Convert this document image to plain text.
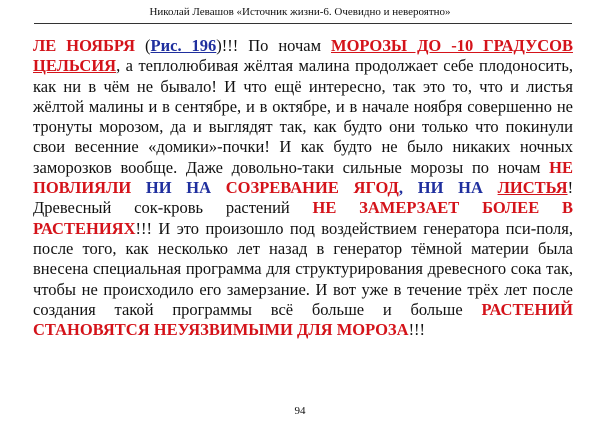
Николай Левашов «Источник жизни-6. Очевидно и невероятно»
ЛЕ НОЯБРЯ (Рис. 196)!!! По ночам МОРОЗЫ ДО -10 ГРАДУСОВ ЦЕЛЬСИЯ, а теплолюбивая жёлтая малина продолжает себе плодоносить, как ни в чём не бывало! И что ещё интересно, так это то, что и листья жёлтой малины и в сентябре, и в октябре, и в начале ноября совершенно не тронуты морозом, да и выглядят так, как будто они только что покинули свои весенние «домики»-почки! И как будто не было никаких ночных заморозков вообще. Даже довольно-таки сильные морозы по ночам НЕ ПОВЛИЯЛИ НИ НА СОЗРЕВАНИЕ ЯГОД, НИ НА ЛИСТЬЯ! Древесный сок-кровь растений НЕ ЗАМЕРЗАЕТ БОЛЕЕ В РАСТЕНИЯХ!!! И это произошло под воздействием генератора пси-поля, после того, как несколько лет назад в генератор тёмной материи была внесена специальная программа для структурирования древесного сока так, чтобы не происходило его замерзание. И вот уже в течение трёх лет после создания такой программы всё больше и больше РАСТЕНИЙ СТАНОВЯТСЯ НЕУЯЗВИМЫМИ ДЛЯ МОРОЗА!!!
94
